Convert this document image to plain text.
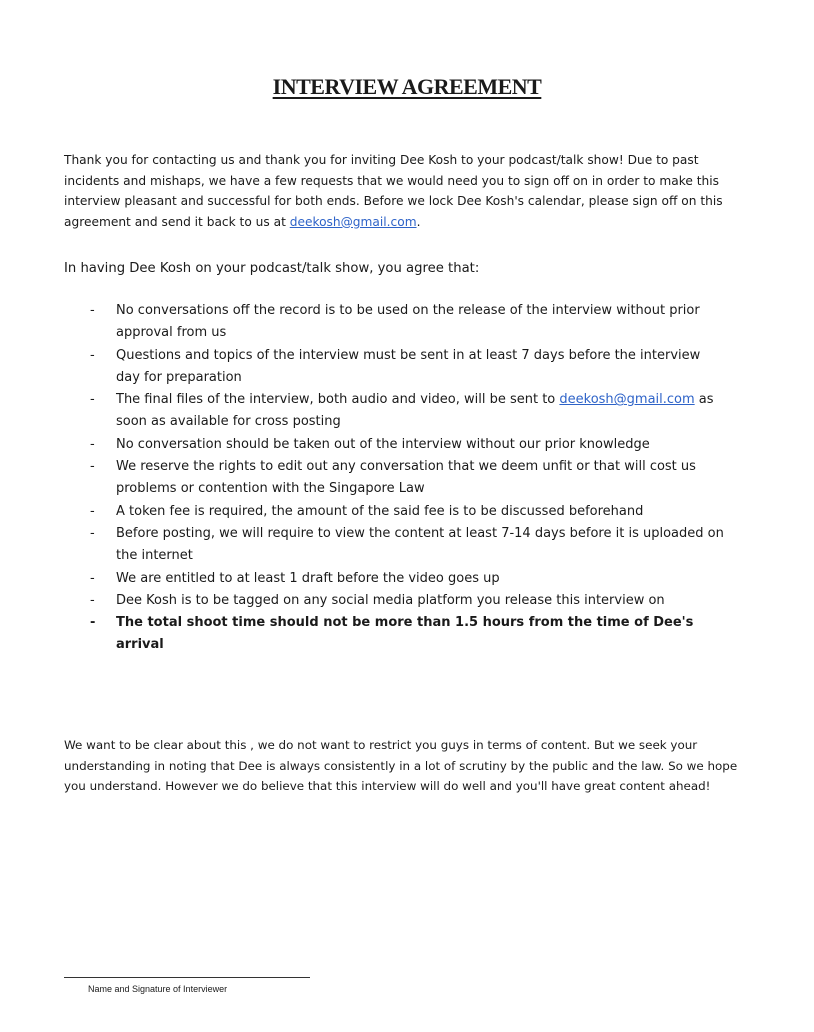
INTERVIEW AGREEMENT
Thank you for contacting us and thank you for inviting Dee Kosh to your podcast/talk show! Due to past incidents and mishaps, we have a few requests that we would need you to sign off on in order to make this interview pleasant and successful for both ends. Before we lock Dee Kosh's calendar, please sign off on this agreement and send it back to us at deekosh@gmail.com.
In having Dee Kosh on your podcast/talk show, you agree that:
- No conversations off the record is to be used on the release of the interview without prior approval from us
- Questions and topics of the interview must be sent in at least 7 days before the interview day for preparation
- The final files of the interview, both audio and video, will be sent to deekosh@gmail.com as soon as available for cross posting
- No conversation should be taken out of the interview without our prior knowledge
- We reserve the rights to edit out any conversation that we deem unfit or that will cost us problems or contention with the Singapore Law
- A token fee is required, the amount of the said fee is to be discussed beforehand
- Before posting, we will require to view the content at least 7-14 days before it is uploaded on the internet
- We are entitled to at least 1 draft before the video goes up
- Dee Kosh is to be tagged on any social media platform you release this interview on
- The total shoot time should not be more than 1.5 hours from the time of Dee's arrival
We want to be clear about this , we do not want to restrict you guys in terms of content. But we seek your understanding in noting that Dee is always consistently in a lot of scrutiny by the public and the law. So we hope you understand. However we do believe that this interview will do well and you'll have great content ahead!
Name and Signature of Interviewer
